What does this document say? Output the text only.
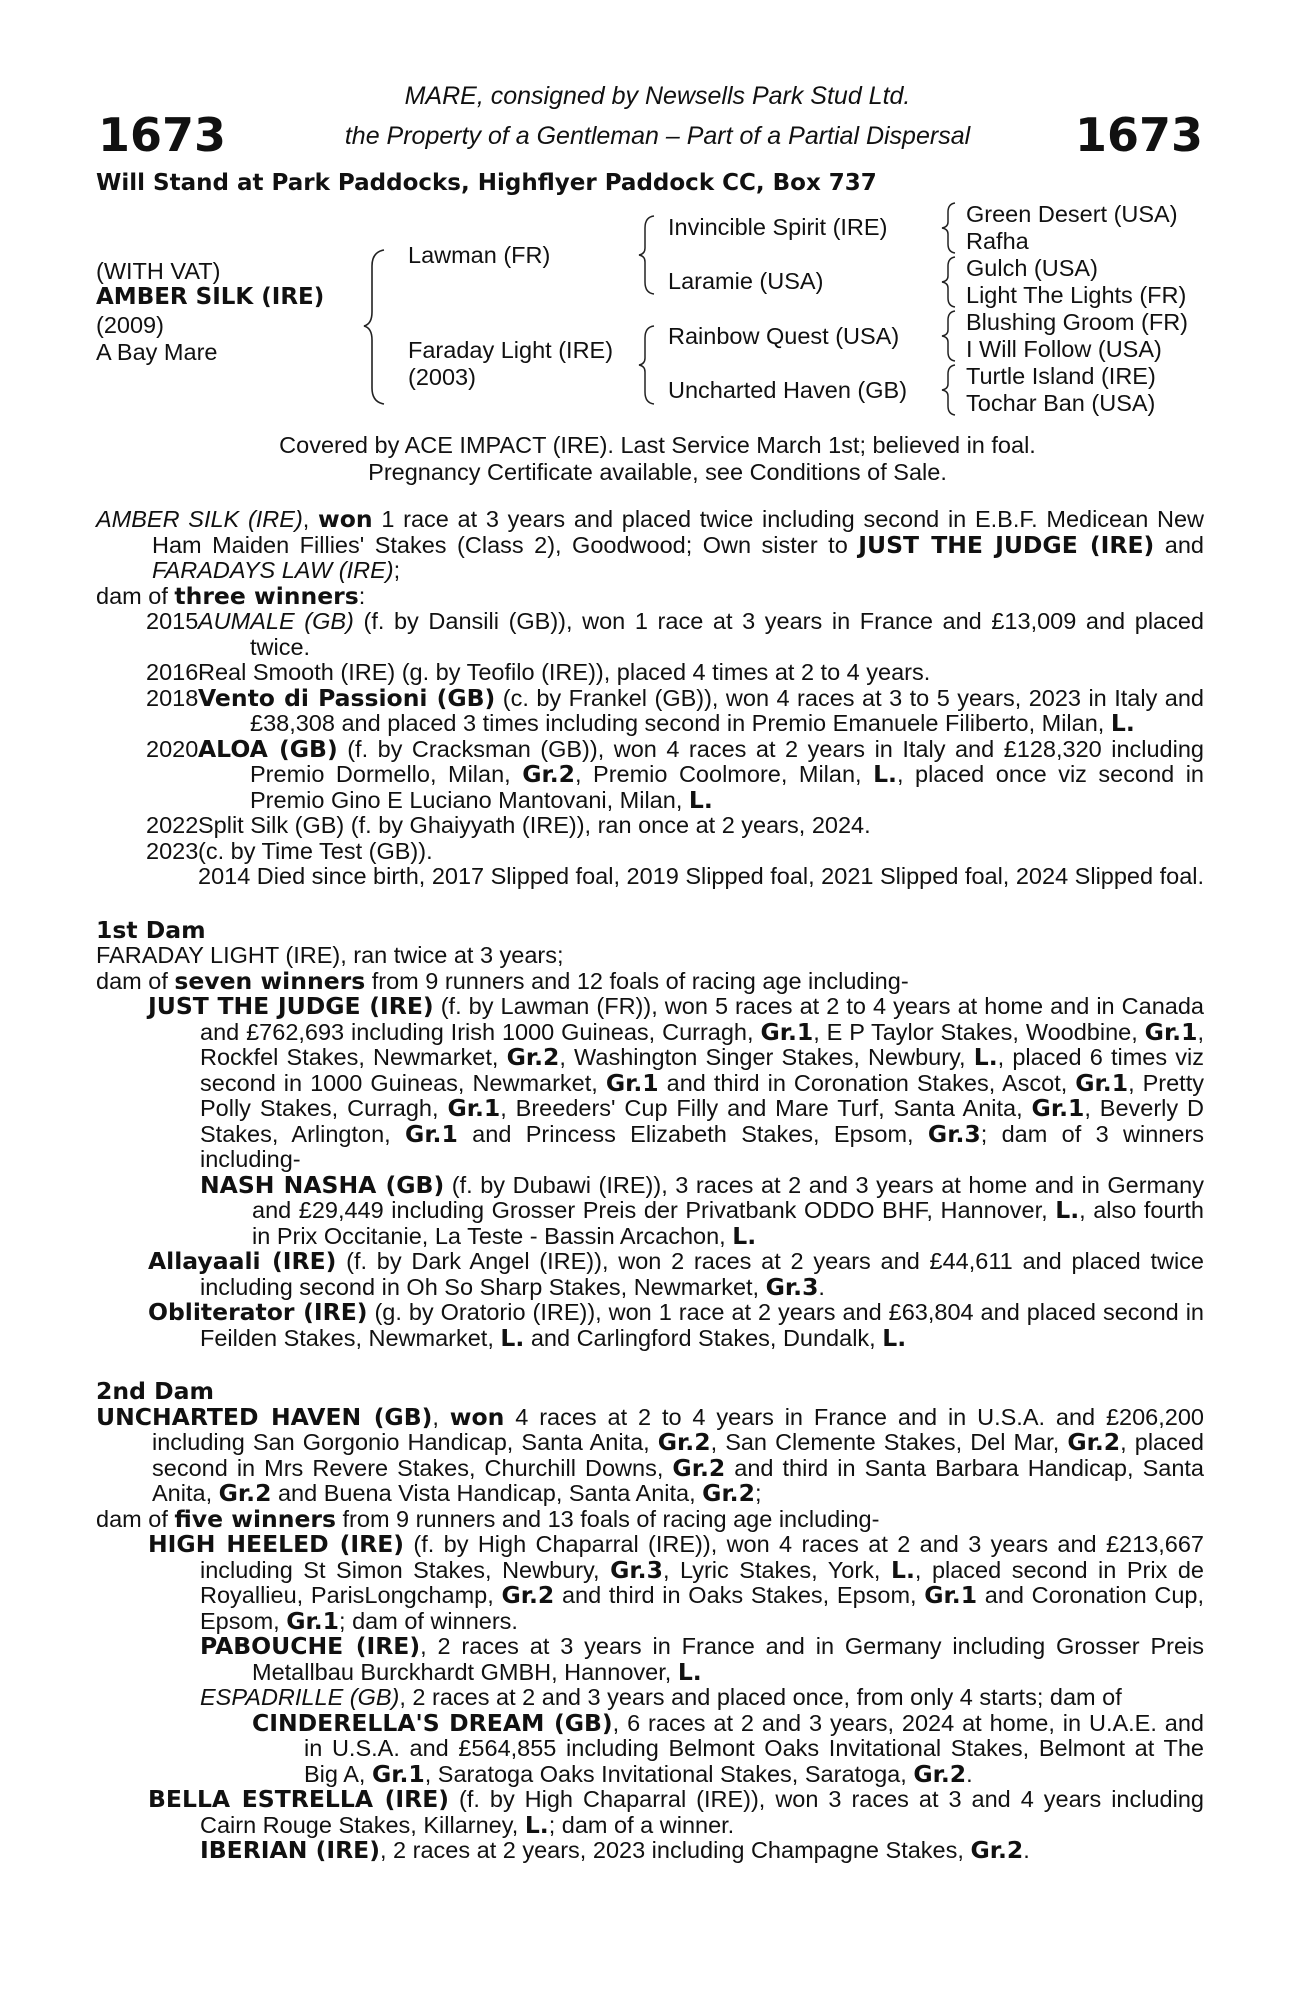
1673	1673
MARE, consigned by Newsells Park Stud Ltd.
the Property of a Gentleman – Part of a Partial Dispersal
Will Stand at Park Paddocks, Highflyer Paddock CC, Box 737
(WITH VAT)
AMBER SILK (IRE)
(2009)
A Bay Mare
Lawman (FR)
Faraday Light (IRE)
(2003)
Invincible Spirit (IRE)
Laramie (USA)
Rainbow Quest (USA)
Uncharted Haven (GB)
Green Desert (USA)
Rafha
Gulch (USA)
Light The Lights (FR)
Blushing Groom (FR)
I Will Follow (USA)
Turtle Island (IRE)
Tochar Ban (USA)
Covered by ACE IMPACT (IRE). Last Service March 1st; believed in foal.
Pregnancy Certificate available, see Conditions of Sale.

AMBER SILK (IRE), won 1 race at 3 years and placed twice including second in E.B.F. Medicean New Ham Maiden Fillies' Stakes (Class 2), Goodwood; Own sister to JUST THE JUDGE (IRE) and FARADAYS LAW (IRE);

dam of three winners:

2015 AUMALE (GB) (f. by Dansili (GB)), won 1 race at 3 years in France and £13,009 and placed twice.
2016 Real Smooth (IRE) (g. by Teofilo (IRE)), placed 4 times at 2 to 4 years.
2018 Vento di Passioni (GB) (c. by Frankel (GB)), won 4 races at 3 to 5 years, 2023 in Italy and £38,308 and placed 3 times including second in Premio Emanuele Filiberto, Milan, L.
2020 ALOA (GB) (f. by Cracksman (GB)), won 4 races at 2 years in Italy and £128,320 including Premio Dormello, Milan, Gr.2, Premio Coolmore, Milan, L., placed once viz second in Premio Gino E Luciano Mantovani, Milan, L.
2022 Split Silk (GB) (f. by Ghaiyyath (IRE)), ran once at 2 years, 2024.
2023 (c. by Time Test (GB)).
2014 Died since birth, 2017 Slipped foal, 2019 Slipped foal, 2021 Slipped foal, 2024 Slipped foal.

1st Dam

FARADAY LIGHT (IRE), ran twice at 3 years;

dam of seven winners from 9 runners and 12 foals of racing age including-

JUST THE JUDGE (IRE) (f. by Lawman (FR)), won 5 races at 2 to 4 years at home and in Canada and £762,693 including Irish 1000 Guineas, Curragh, Gr.1, E P Taylor Stakes, Woodbine, Gr.1, Rockfel Stakes, Newmarket, Gr.2, Washington Singer Stakes, Newbury, L., placed 6 times viz second in 1000 Guineas, Newmarket, Gr.1 and third in Coronation Stakes, Ascot, Gr.1, Pretty Polly Stakes, Curragh, Gr.1, Breeders' Cup Filly and Mare Turf, Santa Anita, Gr.1, Beverly D Stakes, Arlington, Gr.1 and Princess Elizabeth Stakes, Epsom, Gr.3; dam of 3 winners including-

NASH NASHA (GB) (f. by Dubawi (IRE)), 3 races at 2 and 3 years at home and in Germany and £29,449 including Grosser Preis der Privatbank ODDO BHF, Hannover, L., also fourth in Prix Occitanie, La Teste - Bassin Arcachon, L.

Allayaali (IRE) (f. by Dark Angel (IRE)), won 2 races at 2 years and £44,611 and placed twice including second in Oh So Sharp Stakes, Newmarket, Gr.3.

Obliterator (IRE) (g. by Oratorio (IRE)), won 1 race at 2 years and £63,804 and placed second in Feilden Stakes, Newmarket, L. and Carlingford Stakes, Dundalk, L.

2nd Dam

UNCHARTED HAVEN (GB), won 4 races at 2 to 4 years in France and in U.S.A. and £206,200 including San Gorgonio Handicap, Santa Anita, Gr.2, San Clemente Stakes, Del Mar, Gr.2, placed second in Mrs Revere Stakes, Churchill Downs, Gr.2 and third in Santa Barbara Handicap, Santa Anita, Gr.2 and Buena Vista Handicap, Santa Anita, Gr.2;

dam of five winners from 9 runners and 13 foals of racing age including-

HIGH HEELED (IRE) (f. by High Chaparral (IRE)), won 4 races at 2 and 3 years and £213,667 including St Simon Stakes, Newbury, Gr.3, Lyric Stakes, York, L., placed second in Prix de Royallieu, ParisLongchamp, Gr.2 and third in Oaks Stakes, Epsom, Gr.1 and Coronation Cup, Epsom, Gr.1; dam of winners.

PABOUCHE (IRE), 2 races at 3 years in France and in Germany including Grosser Preis Metallbau Burckhardt GMBH, Hannover, L.

ESPADRILLE (GB), 2 races at 2 and 3 years and placed once, from only 4 starts; dam of

CINDERELLA'S DREAM (GB), 6 races at 2 and 3 years, 2024 at home, in U.A.E. and in U.S.A. and £564,855 including Belmont Oaks Invitational Stakes, Belmont at The Big A, Gr.1, Saratoga Oaks Invitational Stakes, Saratoga, Gr.2.

BELLA ESTRELLA (IRE) (f. by High Chaparral (IRE)), won 3 races at 3 and 4 years including Cairn Rouge Stakes, Killarney, L.; dam of a winner.

IBERIAN (IRE), 2 races at 2 years, 2023 including Champagne Stakes, Gr.2.
